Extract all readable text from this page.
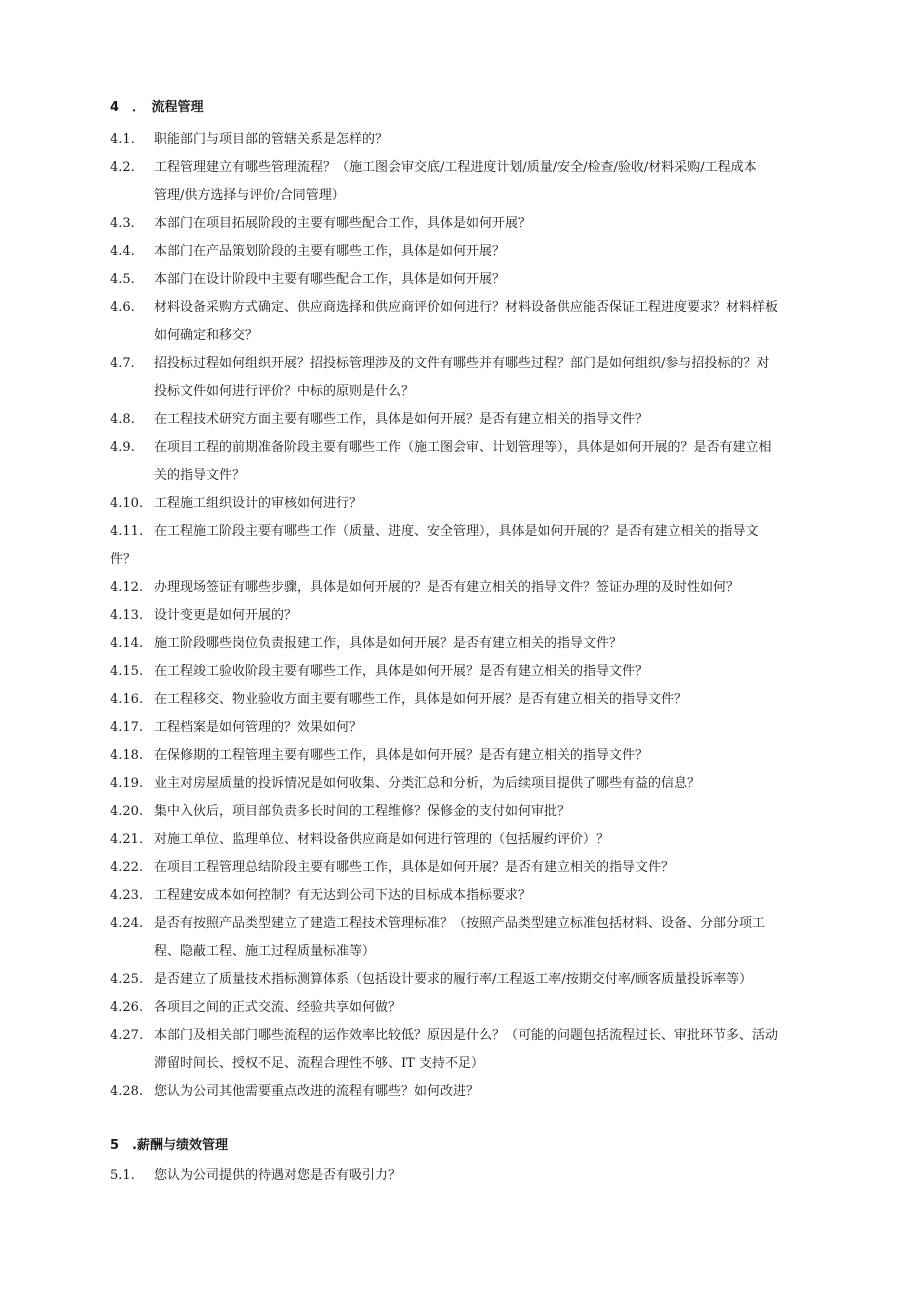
4　．　流程管理
4.1. 职能部门与项目部的管辖关系是怎样的？
4.2. 工程管理建立有哪些管理流程？（施工图会审交底/工程进度计划/质量/安全/检查/验收/材料采购/工程成本
管理/供方选择与评价/合同管理）
4.3. 本部门在项目拓展阶段的主要有哪些配合工作，具体是如何开展？
4.4. 本部门在产品策划阶段的主要有哪些工作，具体是如何开展？
4.5. 本部门在设计阶段中主要有哪些配合工作，具体是如何开展？
4.6. 材料设备采购方式确定、供应商选择和供应商评价如何进行？材料设备供应能否保证工程进度要求？材料样板
如何确定和移交？
4.7. 招投标过程如何组织开展？招投标管理涉及的文件有哪些并有哪些过程？部门是如何组织/参与招投标的？对
投标文件如何进行评价？中标的原则是什么？
4.8. 在工程技术研究方面主要有哪些工作，具体是如何开展？是否有建立相关的指导文件？
4.9. 在项目工程的前期准备阶段主要有哪些工作（施工图会审、计划管理等），具体是如何开展的？是否有建立相
关的指导文件？
4.10. 工程施工组织设计的审核如何进行？
4.11. 在工程施工阶段主要有哪些工作（质量、进度、安全管理），具体是如何开展的？是否有建立相关的指导文
件？
4.12. 办理现场签证有哪些步骤，具体是如何开展的？是否有建立相关的指导文件？签证办理的及时性如何？
4.13. 设计变更是如何开展的？
4.14. 施工阶段哪些岗位负责报建工作，具体是如何开展？是否有建立相关的指导文件？
4.15. 在工程竣工验收阶段主要有哪些工作，具体是如何开展？是否有建立相关的指导文件？
4.16. 在工程移交、物业验收方面主要有哪些工作，具体是如何开展？是否有建立相关的指导文件？
4.17. 工程档案是如何管理的？效果如何？
4.18. 在保修期的工程管理主要有哪些工作，具体是如何开展？是否有建立相关的指导文件？
4.19. 业主对房屋质量的投诉情况是如何收集、分类汇总和分析，为后续项目提供了哪些有益的信息？
4.20. 集中入伙后，项目部负责多长时间的工程维修？保修金的支付如何审批？
4.21. 对施工单位、监理单位、材料设备供应商是如何进行管理的（包括履约评价）？
4.22. 在项目工程管理总结阶段主要有哪些工作，具体是如何开展？是否有建立相关的指导文件？
4.23. 工程建安成本如何控制？有无达到公司下达的目标成本指标要求？
4.24. 是否有按照产品类型建立了建造工程技术管理标准？（按照产品类型建立标准包括材料、设备、分部分项工
程、隐蔽工程、施工过程质量标准等）
4.25. 是否建立了质量技术指标测算体系（包括设计要求的履行率/工程返工率/按期交付率/顾客质量投诉率等）
4.26. 各项目之间的正式交流、经验共享如何做？
4.27. 本部门及相关部门哪些流程的运作效率比较低？原因是什么？（可能的问题包括流程过长、审批环节多、活动
滞留时间长、授权不足、流程合理性不够、IT 支持不足）
4.28. 您认为公司其他需要重点改进的流程有哪些？如何改进？
5　.薪酬与绩效管理
5.1. 您认为公司提供的待遇对您是否有吸引力？
